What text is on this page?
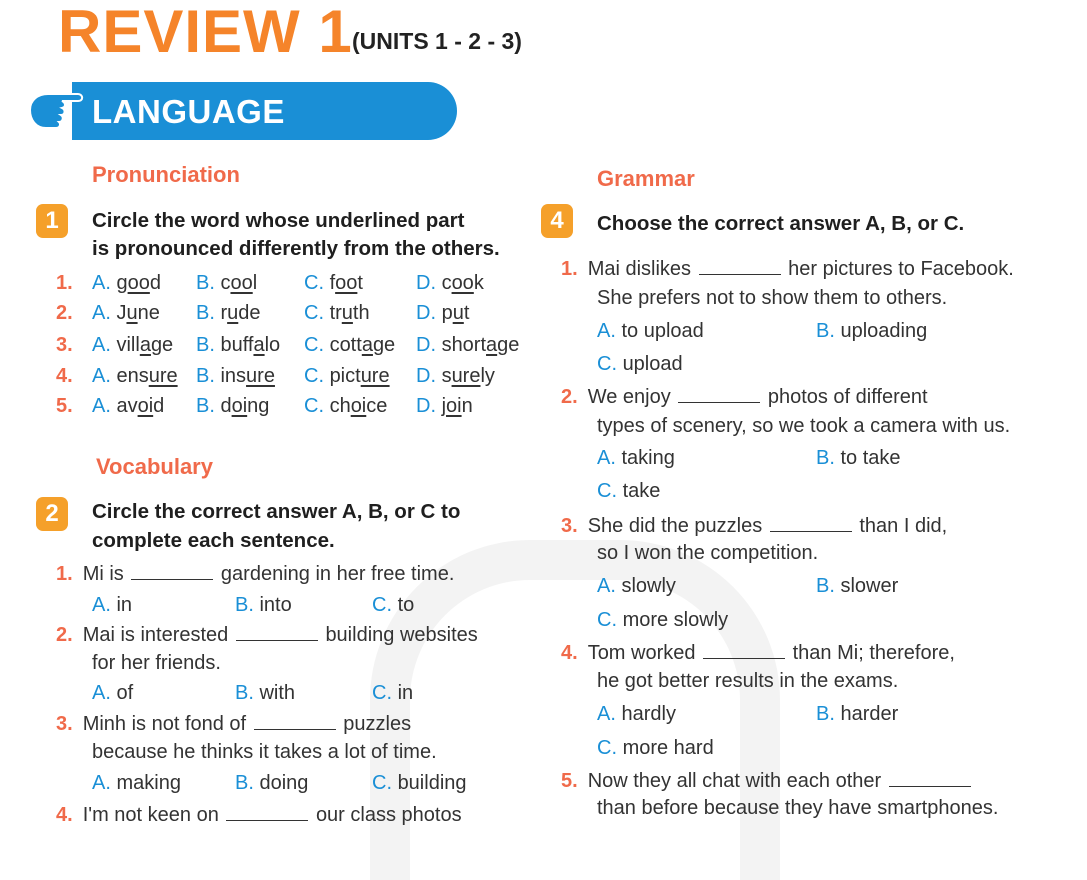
REVIEW 1 (UNITS 1 - 2 - 3)
LANGUAGE
Pronunciation
1	Circle the word whose underlined part
is pronounced differently from the others.
1. A. good B. cool C. foot	D. cook
2. A. June B. rude C. truth D. put
3. A. village B. buffalo C. cottage D. shortage
4. A. ensure B. insure C. picture D. surely
5. A. avoid B. doing C. choice D. join
Vocabulary
2	Circle the correct answer A, B, or C to
complete each sentence.
1. Mi is	gardening in her free time.
A. in	B. into	C. to
2. Mai is interested	building websites
for her friends.
A. of	B. with	C. in
3. Minh is not fond of	puzzles
because he thinks it takes a lot of time.
A. making	B. doing	C. building
4. I'm not keen on	our class photos
Grammar
4	Choose the correct answer A, B, or C.
1. Mai dislikes	her pictures to Facebook.
She prefers not to show them to others.
A. to upload	B. uploading
C. upload
2. We enjoy	photos of different
types of scenery, so we took a camera with us.
A. taking	B. to take
C. take
3. She did the puzzles	than I did,
so I won the competition.
A. slowly	B. slower
C. more slowly
4. Tom worked	than Mi; therefore,
he got better results in the exams.
A. hardly	B. harder
C. more hard
5. Now they all chat with each other
than before because they have smartphones.
